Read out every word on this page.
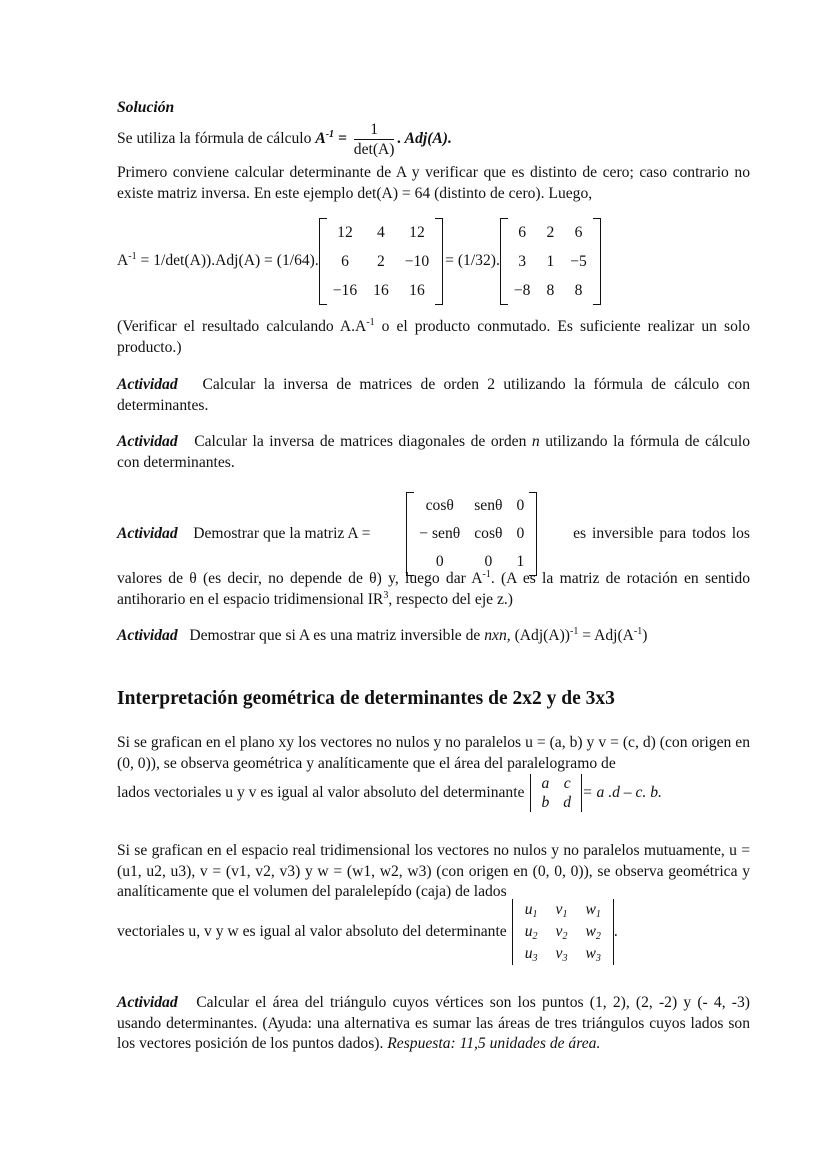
Solución
Se utiliza la fórmula de cálculo $A^{-1} = \frac{1}{\det(A)}$ . Adj(A).
Primero conviene calcular determinante de A y verificar que es distinto de cero; caso contrario no existe matriz inversa. En este ejemplo det(A) = 64 (distinto de cero). Luego,
$A^{-1} = 1/\det(A)).Adj(A) = (1/64)$.
12	4	12
6	2	−10
−16	16	16
= (1/32).
6	2	6
3	1	−5
−8	8	8
(Verificar el resultado calculando $A.A^{-1}$ o el producto conmutado. Es suficiente realizar un solo producto.)
Actividad Calcular la inversa de matrices de orden 2 utilizando la fórmula de cálculo con determinantes.
Actividad Calcular la inversa de matrices diagonales de orden n utilizando la fórmula de cálculo con determinantes.
Actividad Demostrar que la matriz A =
cosθ	senθ	0
− senθ	cosθ	0
0	0	1
es inversible para todos los
valores de θ (es decir, no depende de θ) y, luego dar $A^{-1}$. (A es la matriz de rotación en sentido antihorario en el espacio tridimensional $IR^3$, respecto del eje z.)
Actividad Demostrar que si A es una matriz inversible de nxn, $(Adj(A))^{-1} = Adj(A^{-1})$
Interpretación geométrica de determinantes de 2x2 y de 3x3
Si se grafican en el plano xy los vectores no nulos y no paralelos u = (a, b) y v = (c, d) (con origen en (0, 0)), se observa geométrica y analíticamente que el área del paralelogramo de
lados vectoriales u y v es igual al valor absoluto del determinante
a	c
b	d
= a .d – c. b.
Si se grafican en el espacio real tridimensional los vectores no nulos y no paralelos mutuamente, u = (u1, u2, u3), v = (v1, v2, v3) y w = (w1, w2, w3) (con origen en (0, 0, 0)), se observa geométrica y analíticamente que el volumen del paralelepído (caja) de lados
vectoriales u, v y w es igual al valor absoluto del determinante
$u_1$	$v_1$	$w_1$
$u_2$	$v_2$	$w_2$
$u_3$	$v_3$	$w_3$
.
Actividad Calcular el área del triángulo cuyos vértices son los puntos (1, 2), (2, -2) y (- 4, -3) usando determinantes. (Ayuda: una alternativa es sumar las áreas de tres triángulos cuyos lados son los vectores posición de los puntos dados). Respuesta: 11,5 unidades de área.
